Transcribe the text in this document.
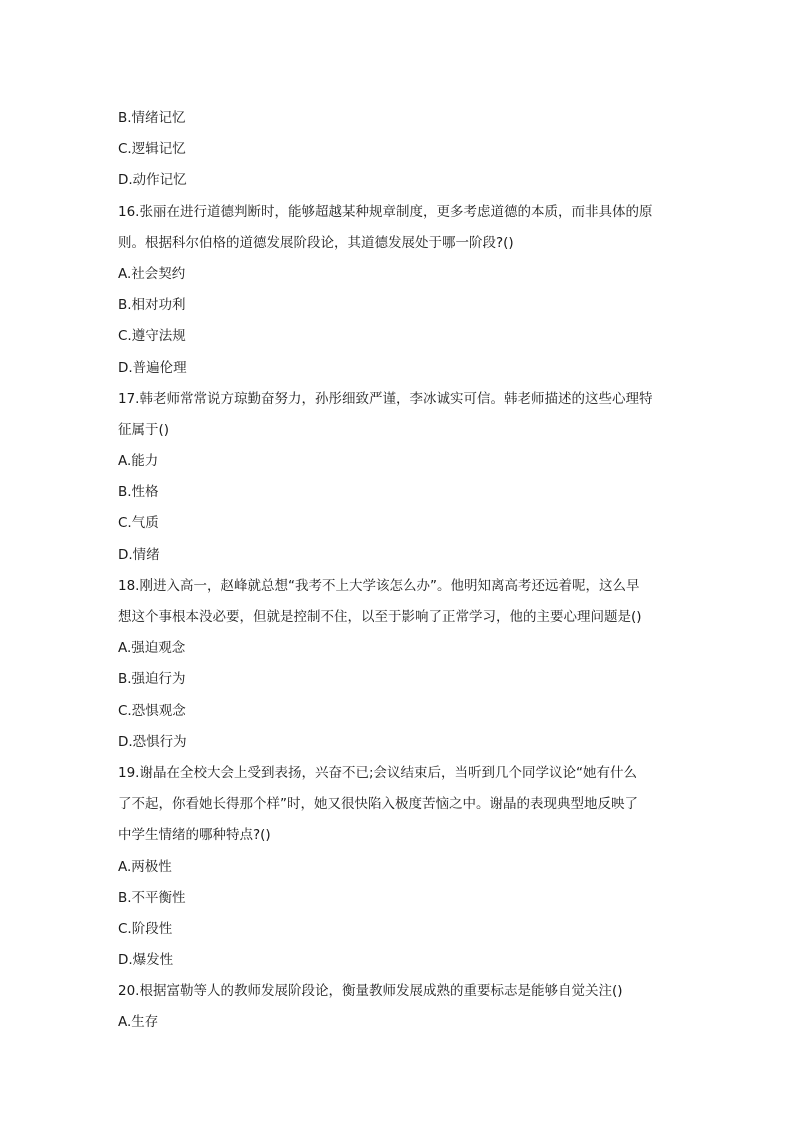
B.情绪记忆
C.逻辑记忆
D.动作记忆
16.张丽在进行道德判断时，能够超越某种规章制度，更多考虑道德的本质，而非具体的原
则。根据科尔伯格的道德发展阶段论，其道德发展处于哪一阶段?()
A.社会契约
B.相对功利
C.遵守法规
D.普遍伦理
17.韩老师常常说方琼勤奋努力，孙彤细致严谨，李冰诚实可信。韩老师描述的这些心理特
征属于()
A.能力
B.性格
C.气质
D.情绪
18.刚进入高一，赵峰就总想“我考不上大学该怎么办”。他明知离高考还远着呢，这么早
想这个事根本没必要，但就是控制不住，以至于影响了正常学习，他的主要心理问题是()
A.强迫观念
B.强迫行为
C.恐惧观念
D.恐惧行为
19.谢晶在全校大会上受到表扬，兴奋不已;会议结束后，当听到几个同学议论“她有什么
了不起，你看她长得那个样”时，她又很快陷入极度苦恼之中。谢晶的表现典型地反映了
中学生情绪的哪种特点?()
A.两极性
B.不平衡性
C.阶段性
D.爆发性
20.根据富勒等人的教师发展阶段论，衡量教师发展成熟的重要标志是能够自觉关注()
A.生存
